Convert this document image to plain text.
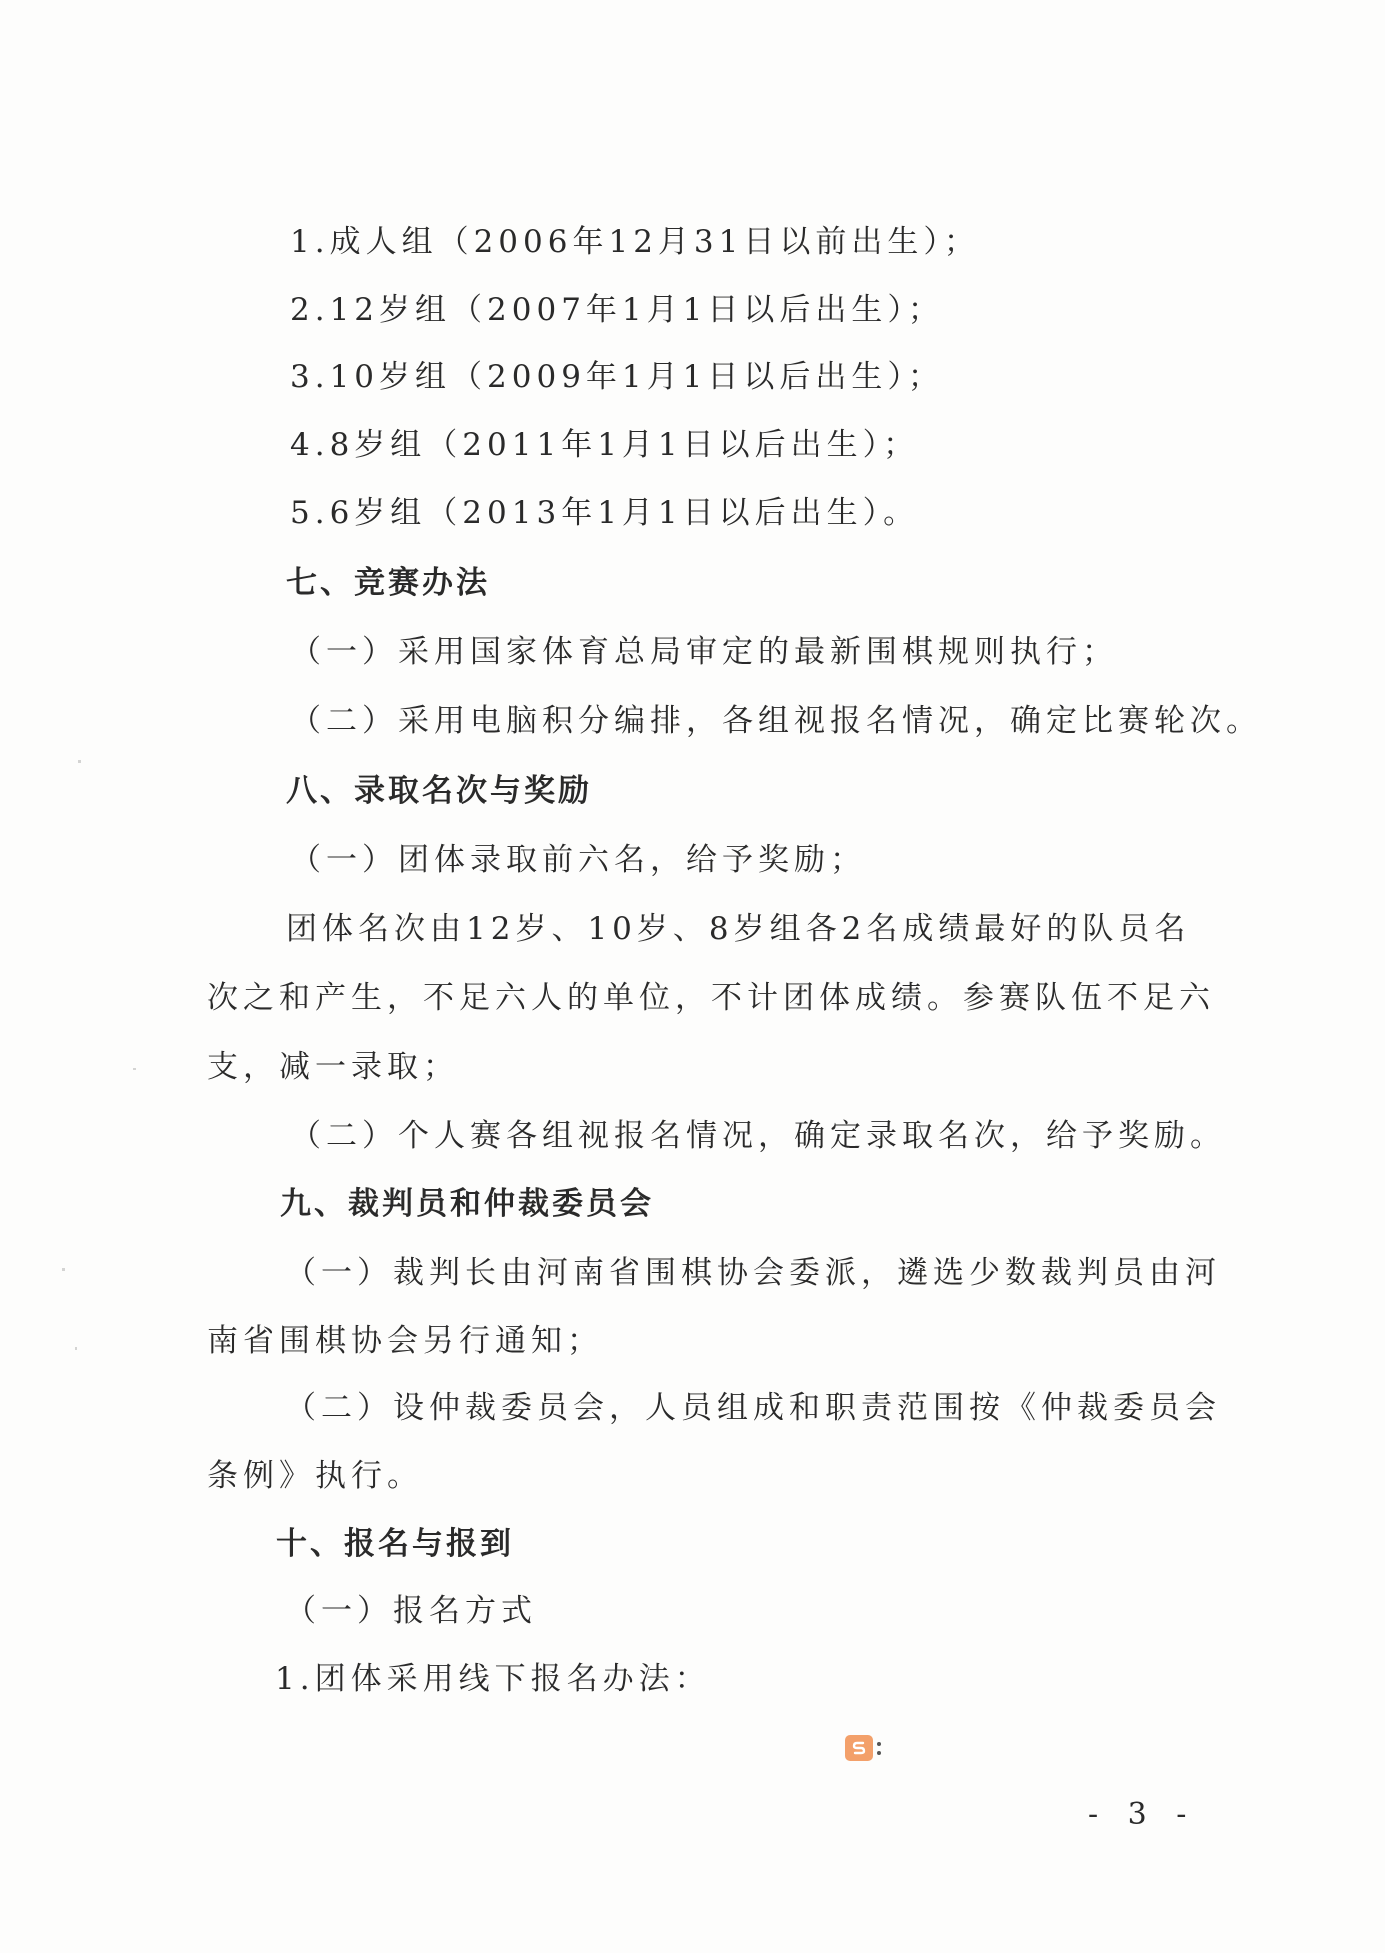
1.成人组（2006年12月31日以前出生）；
2.12岁组（2007年1月1日以后出生）；
3.10岁组（2009年1月1日以后出生）；
4.8岁组（2011年1月1日以后出生）；
5.6岁组（2013年1月1日以后出生）。
七、竞赛办法
（一）采用国家体育总局审定的最新围棋规则执行；
（二）采用电脑积分编排，各组视报名情况，确定比赛轮次。
八、录取名次与奖励
（一）团体录取前六名，给予奖励；
团体名次由12岁、10岁、8岁组各2名成绩最好的队员名
次之和产生，不足六人的单位，不计团体成绩。参赛队伍不足六
支，减一录取；
（二）个人赛各组视报名情况，确定录取名次，给予奖励。
九、裁判员和仲裁委员会
（一）裁判长由河南省围棋协会委派，遴选少数裁判员由河
南省围棋协会另行通知；
（二）设仲裁委员会，人员组成和职责范围按《仲裁委员会
条例》执行。
十、报名与报到
（一）报名方式
1.团体采用线下报名办法：
- 3 -
